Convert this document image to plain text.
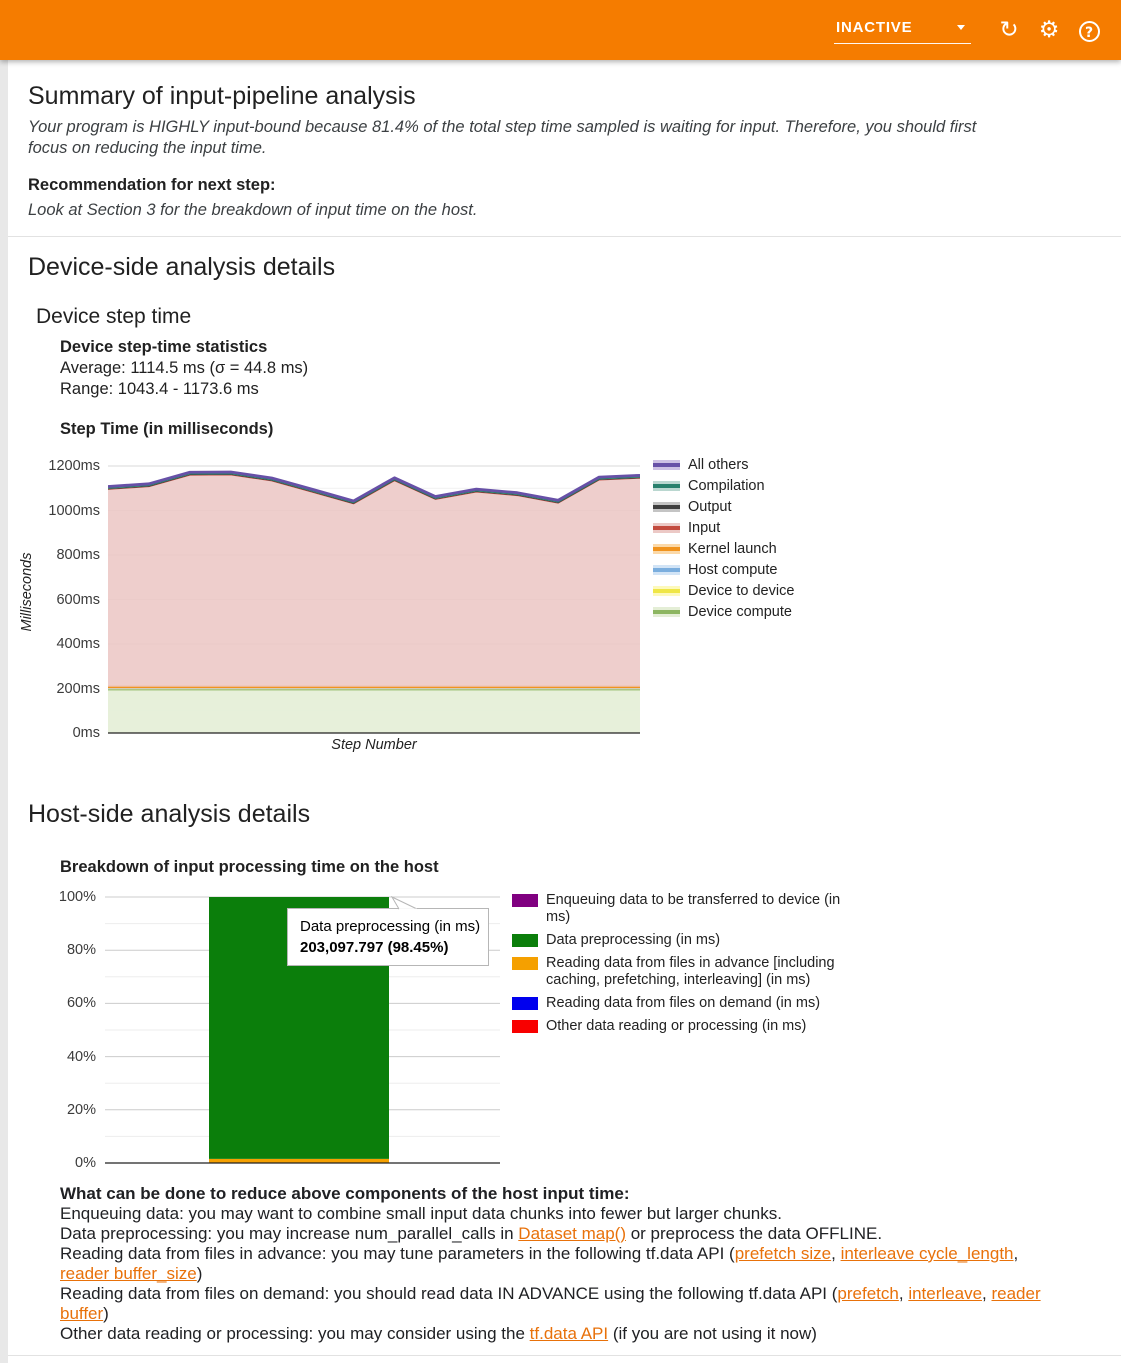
INACTIVE	↻ ⚙	?
Summary of input-pipeline analysis
Your program is HIGHLY input-bound because 81.4% of the total step time sampled is waiting for input. Therefore, you should first
focus on reducing the input time.
Recommendation for next step:
Look at Section 3 for the breakdown of input time on the host.
Device-side analysis details
Device step time
Device step-time statistics
Average: 1114.5 ms (σ = 44.8 ms)
Range: 1043.4 - 1173.6 ms
Step Time (in milliseconds)
0ms
200ms
400ms
600ms
800ms
1000ms
1200ms
Milliseconds
Step Number
All others
Compilation
Output
Input
Kernel launch
Host compute
Device to device
Device compute
Host-side analysis details
Breakdown of input processing time on the host
0%
20%
40%
60%
80%
100%
Data preprocessing (in ms)
203,097.797 (98.45%)
Enqueuing data to be transferred to device (in ms)
Data preprocessing (in ms)
Reading data from files in advance [including
caching, prefetching, interleaving] (in ms)
Reading data from files on demand (in ms)
Other data reading or processing (in ms)
What can be done to reduce above components of the host input time:
Enqueuing data: you may want to combine small input data chunks into fewer but larger chunks.
Data preprocessing: you may increase num_parallel_calls in Dataset map() or preprocess the data OFFLINE.
Reading data from files in advance: you may tune parameters in the following tf.data API (prefetch size, interleave cycle_length,
reader buffer_size)
Reading data from files on demand: you should read data IN ADVANCE using the following tf.data API (prefetch, interleave, reader
buffer)
Other data reading or processing: you may consider using the tf.data API (if you are not using it now)
